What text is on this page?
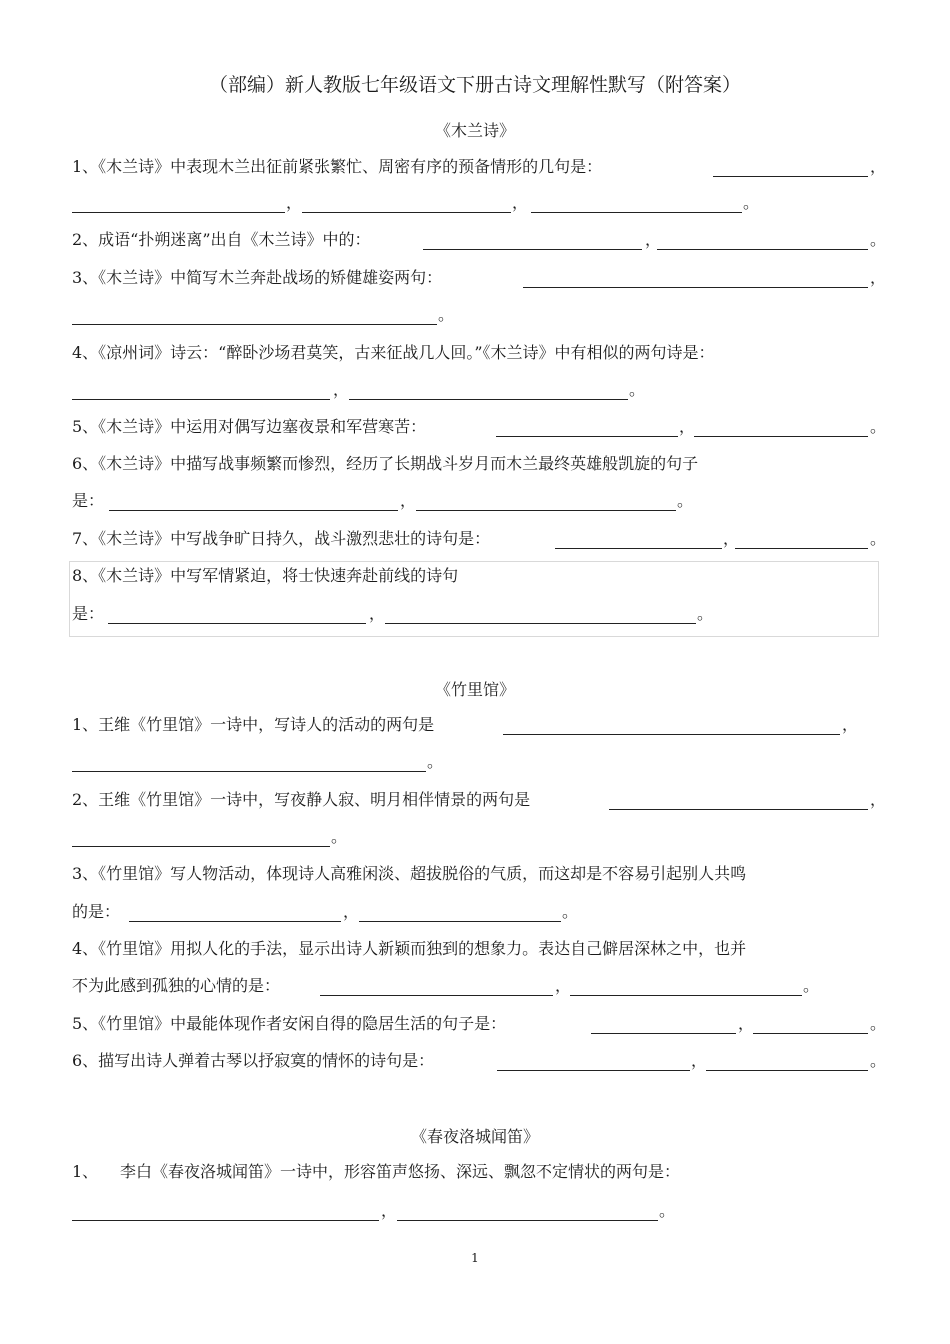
（部编）新人教版七年级语文下册古诗文理解性默写（附答案）
《木兰诗》
1、《木兰诗》中表现木兰出征前紧张繁忙、周密有序的预备情形的几句是：	，
，	，	。
2、成语“扑朔迷离”出自《木兰诗》中的：	，	。
3、《木兰诗》中简写木兰奔赴战场的矫健雄姿两句：	，
。
4、《凉州词》诗云：“醉卧沙场君莫笑，古来征战几人回。”《木兰诗》中有相似的两句诗是：
，	。
5、《木兰诗》中运用对偶写边塞夜景和军营寒苦：	，	。
6、《木兰诗》中描写战事频繁而惨烈，经历了长期战斗岁月而木兰最终英雄般凯旋的句子
是：	，	。
7、《木兰诗》中写战争旷日持久，战斗激烈悲壮的诗句是：	，	。
8、《木兰诗》中写军情紧迫，将士快速奔赴前线的诗句
是：	，	。
《竹里馆》
1、王维《竹里馆》一诗中，写诗人的活动的两句是	，
。
2、王维《竹里馆》一诗中，写夜静人寂、明月相伴情景的两句是	，
。
3、《竹里馆》写人物活动，体现诗人高雅闲淡、超拔脱俗的气质，而这却是不容易引起别人共鸣
的是：	，	。
4、《竹里馆》用拟人化的手法，显示出诗人新颖而独到的想象力。表达自己僻居深林之中，也并
不为此感到孤独的心情的是：	，	。
5、《竹里馆》中最能体现作者安闲自得的隐居生活的句子是：	，	。
6、描写出诗人弹着古琴以抒寂寞的情怀的诗句是：	，	。
《春夜洛城闻笛》
1、 李白《春夜洛城闻笛》一诗中，形容笛声悠扬、深远、飘忽不定情状的两句是：
，	。
1
